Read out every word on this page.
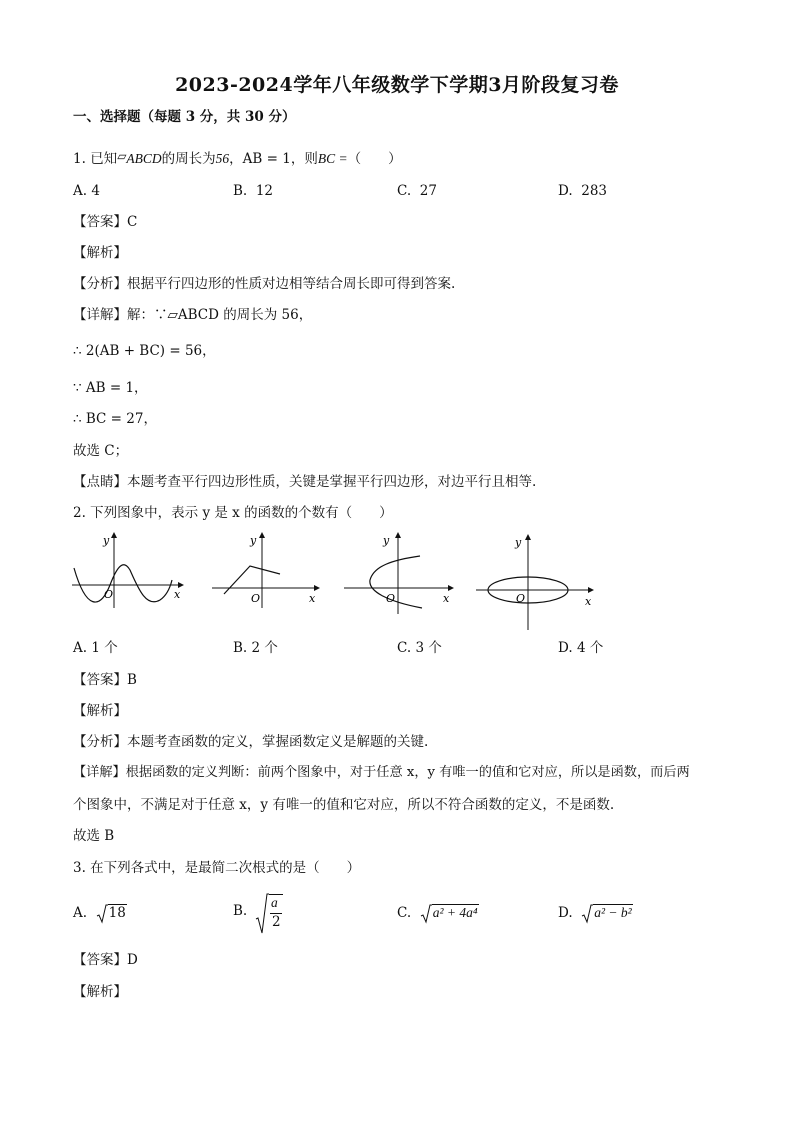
2023-2024学年八年级数学下学期3月阶段复习卷
一、选择题（每题 3 分，共 30 分）
1. 已知▱ABCD的周长为56，AB = 1，则BC =（　　）
A. 4	B. 12	C. 27	D. 283
【答案】C
【解析】
【分析】根据平行四边形的性质对边相等结合周长即可得到答案.
【详解】解：∵▱ABCD 的周长为 56，
∴ 2(AB + BC) = 56，
∵ AB = 1，
∴ BC = 27，
故选 C；
【点睛】本题考查平行四边形性质，关键是掌握平行四边形，对边平行且相等.
2. 下列图象中，表示 y 是 x 的函数的个数有（　　）
y
x
O
y
x
O
y
x
O
y
x
O
A. 1 个	B. 2 个	C. 3 个	D. 4 个
【答案】B
【解析】
【分析】本题考查函数的定义，掌握函数定义是解题的关键.
【详解】根据函数的定义判断：前两个图象中，对于任意 x，y 有唯一的值和它对应，所以是函数，而后两
个图象中，不满足对于任意 x，y 有唯一的值和它对应，所以不符合函数的定义，不是函数.
故选 B
3. 在下列各式中，是最简二次根式的是（　　）
A. 18	B.
a
2
C. a² + 4a⁴	D. a² − b²
【答案】D
【解析】
